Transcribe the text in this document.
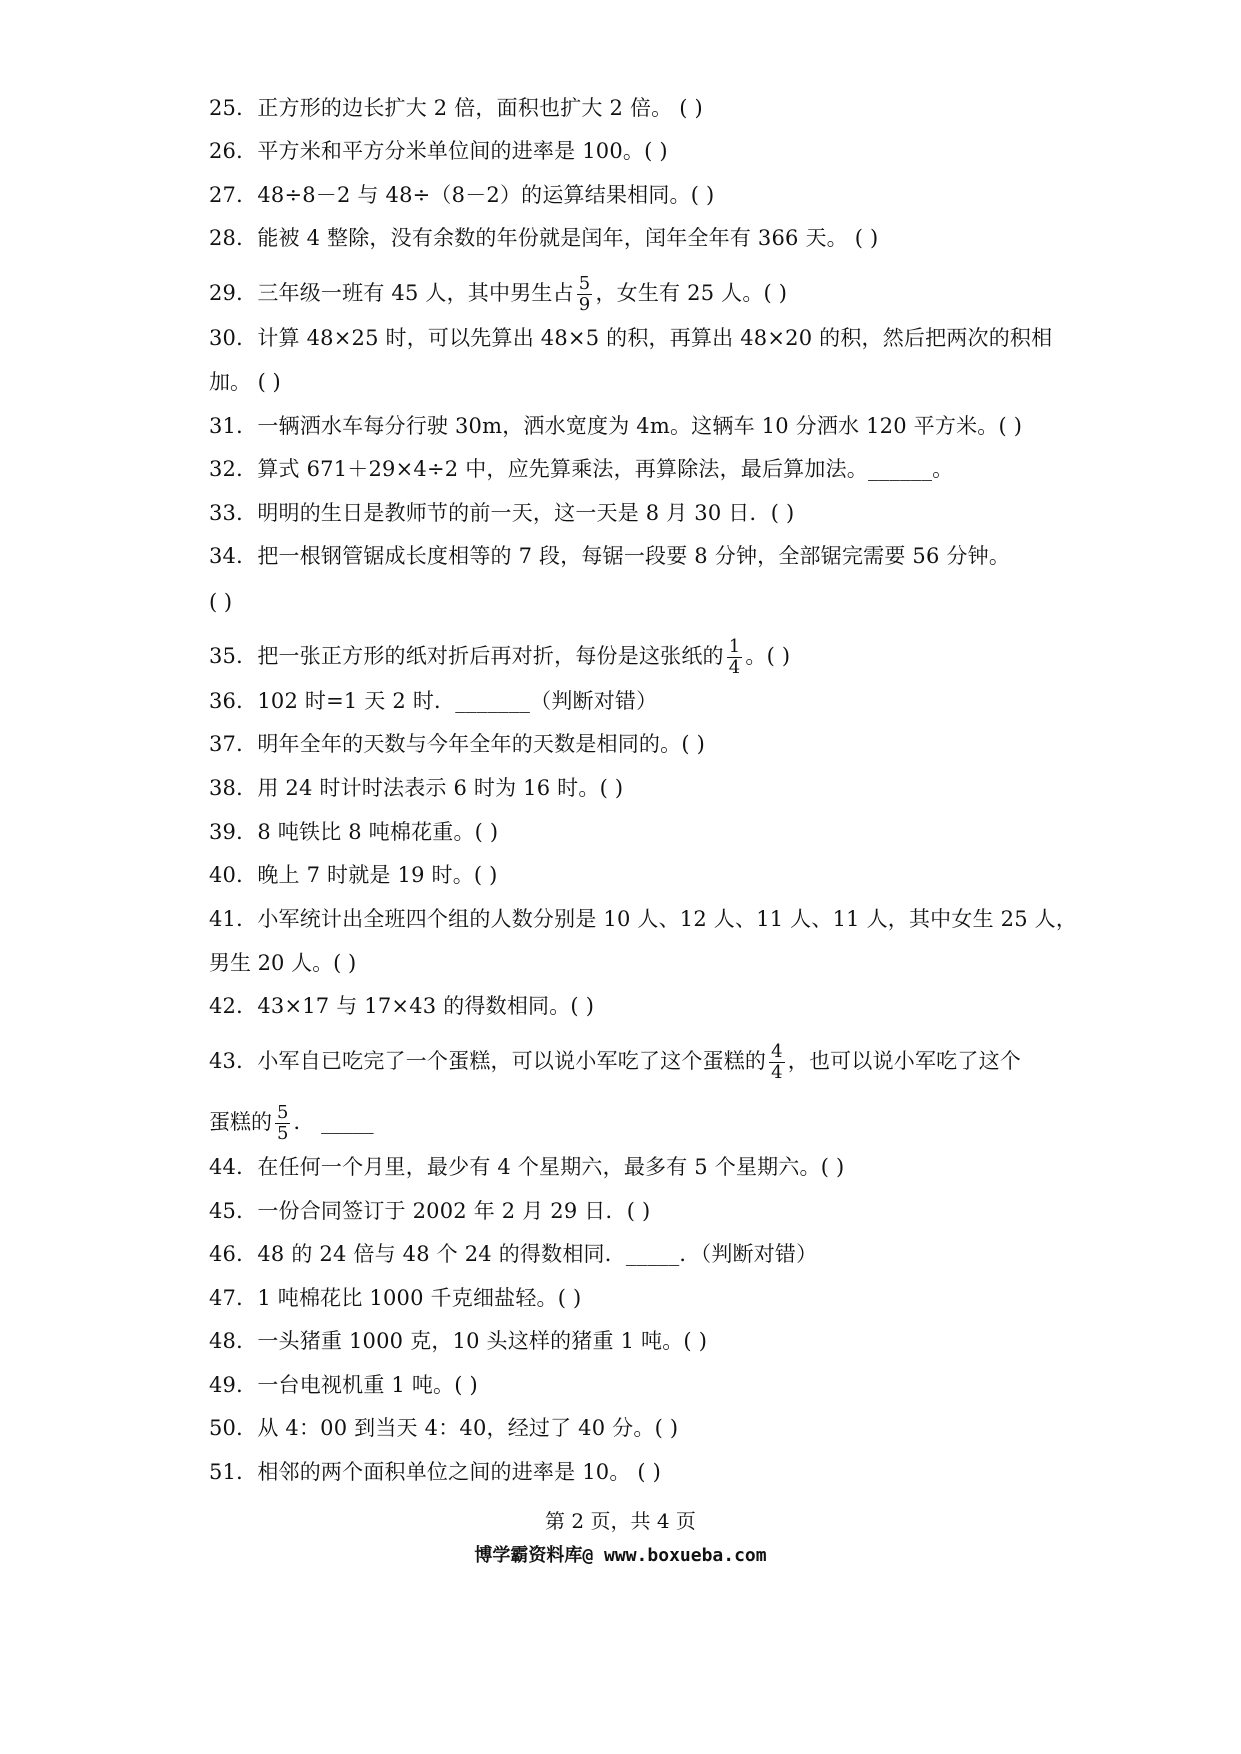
25．正方形的边长扩大 2 倍，面积也扩大 2 倍。 ( )
26．平方米和平方分米单位间的进率是 100。( )
27．48÷8－2 与 48÷（8－2）的运算结果相同。( )
28．能被 4 整除，没有余数的年份就是闰年，闰年全年有 366 天。 ( )
29．三年级一班有 45 人，其中男生占 $\frac{5}{9}$ ，女生有 25 人。( )
30．计算 48×25 时，可以先算出 48×5 的积，再算出 48×20 的积，然后把两次的积相
加。 ( )
31．一辆洒水车每分行驶 30m，洒水宽度为 4m。这辆车 10 分洒水 120 平方米。( )
32．算式 671＋29×4÷2 中，应先算乘法，再算除法，最后算加法。______。
33．明明的生日是教师节的前一天，这一天是 8 月 30 日．( )
34．把一根钢管锯成长度相等的 7 段，每锯一段要 8 分钟，全部锯完需要 56 分钟。
( )
35．把一张正方形的纸对折后再对折，每份是这张纸的 $\frac{1}{4}$ 。( )
36．102 时=1 天 2 时．_______（判断对错）
37．明年全年的天数与今年全年的天数是相同的。( )
38．用 24 时计时法表示 6 时为 16 时。( )
39．8 吨铁比 8 吨棉花重。( )
40．晚上 7 时就是 19 时。( )
41．小军统计出全班四个组的人数分别是 10 人、12 人、11 人、11 人，其中女生 25 人，
男生 20 人。( )
42．43×17 与 17×43 的得数相同。( )
43．小军自已吃完了一个蛋糕，可以说小军吃了这个蛋糕的 $\frac{4}{4}$ ，也可以说小军吃了这个
蛋糕的 $\frac{5}{5}$ ． _____
44．在任何一个月里，最少有 4 个星期六，最多有 5 个星期六。( )
45．一份合同签订于 2002 年 2 月 29 日．( )
46．48 的 24 倍与 48 个 24 的得数相同．_____．（判断对错）
47．1 吨棉花比 1000 千克细盐轻。( )
48．一头猪重 1000 克，10 头这样的猪重 1 吨。( )
49．一台电视机重 1 吨。( )
50．从 4：00 到当天 4：40，经过了 40 分。( )
51．相邻的两个面积单位之间的进率是 10。 ( )
第 2 页，共 4 页
博学霸资料库@ www.boxueba.com
